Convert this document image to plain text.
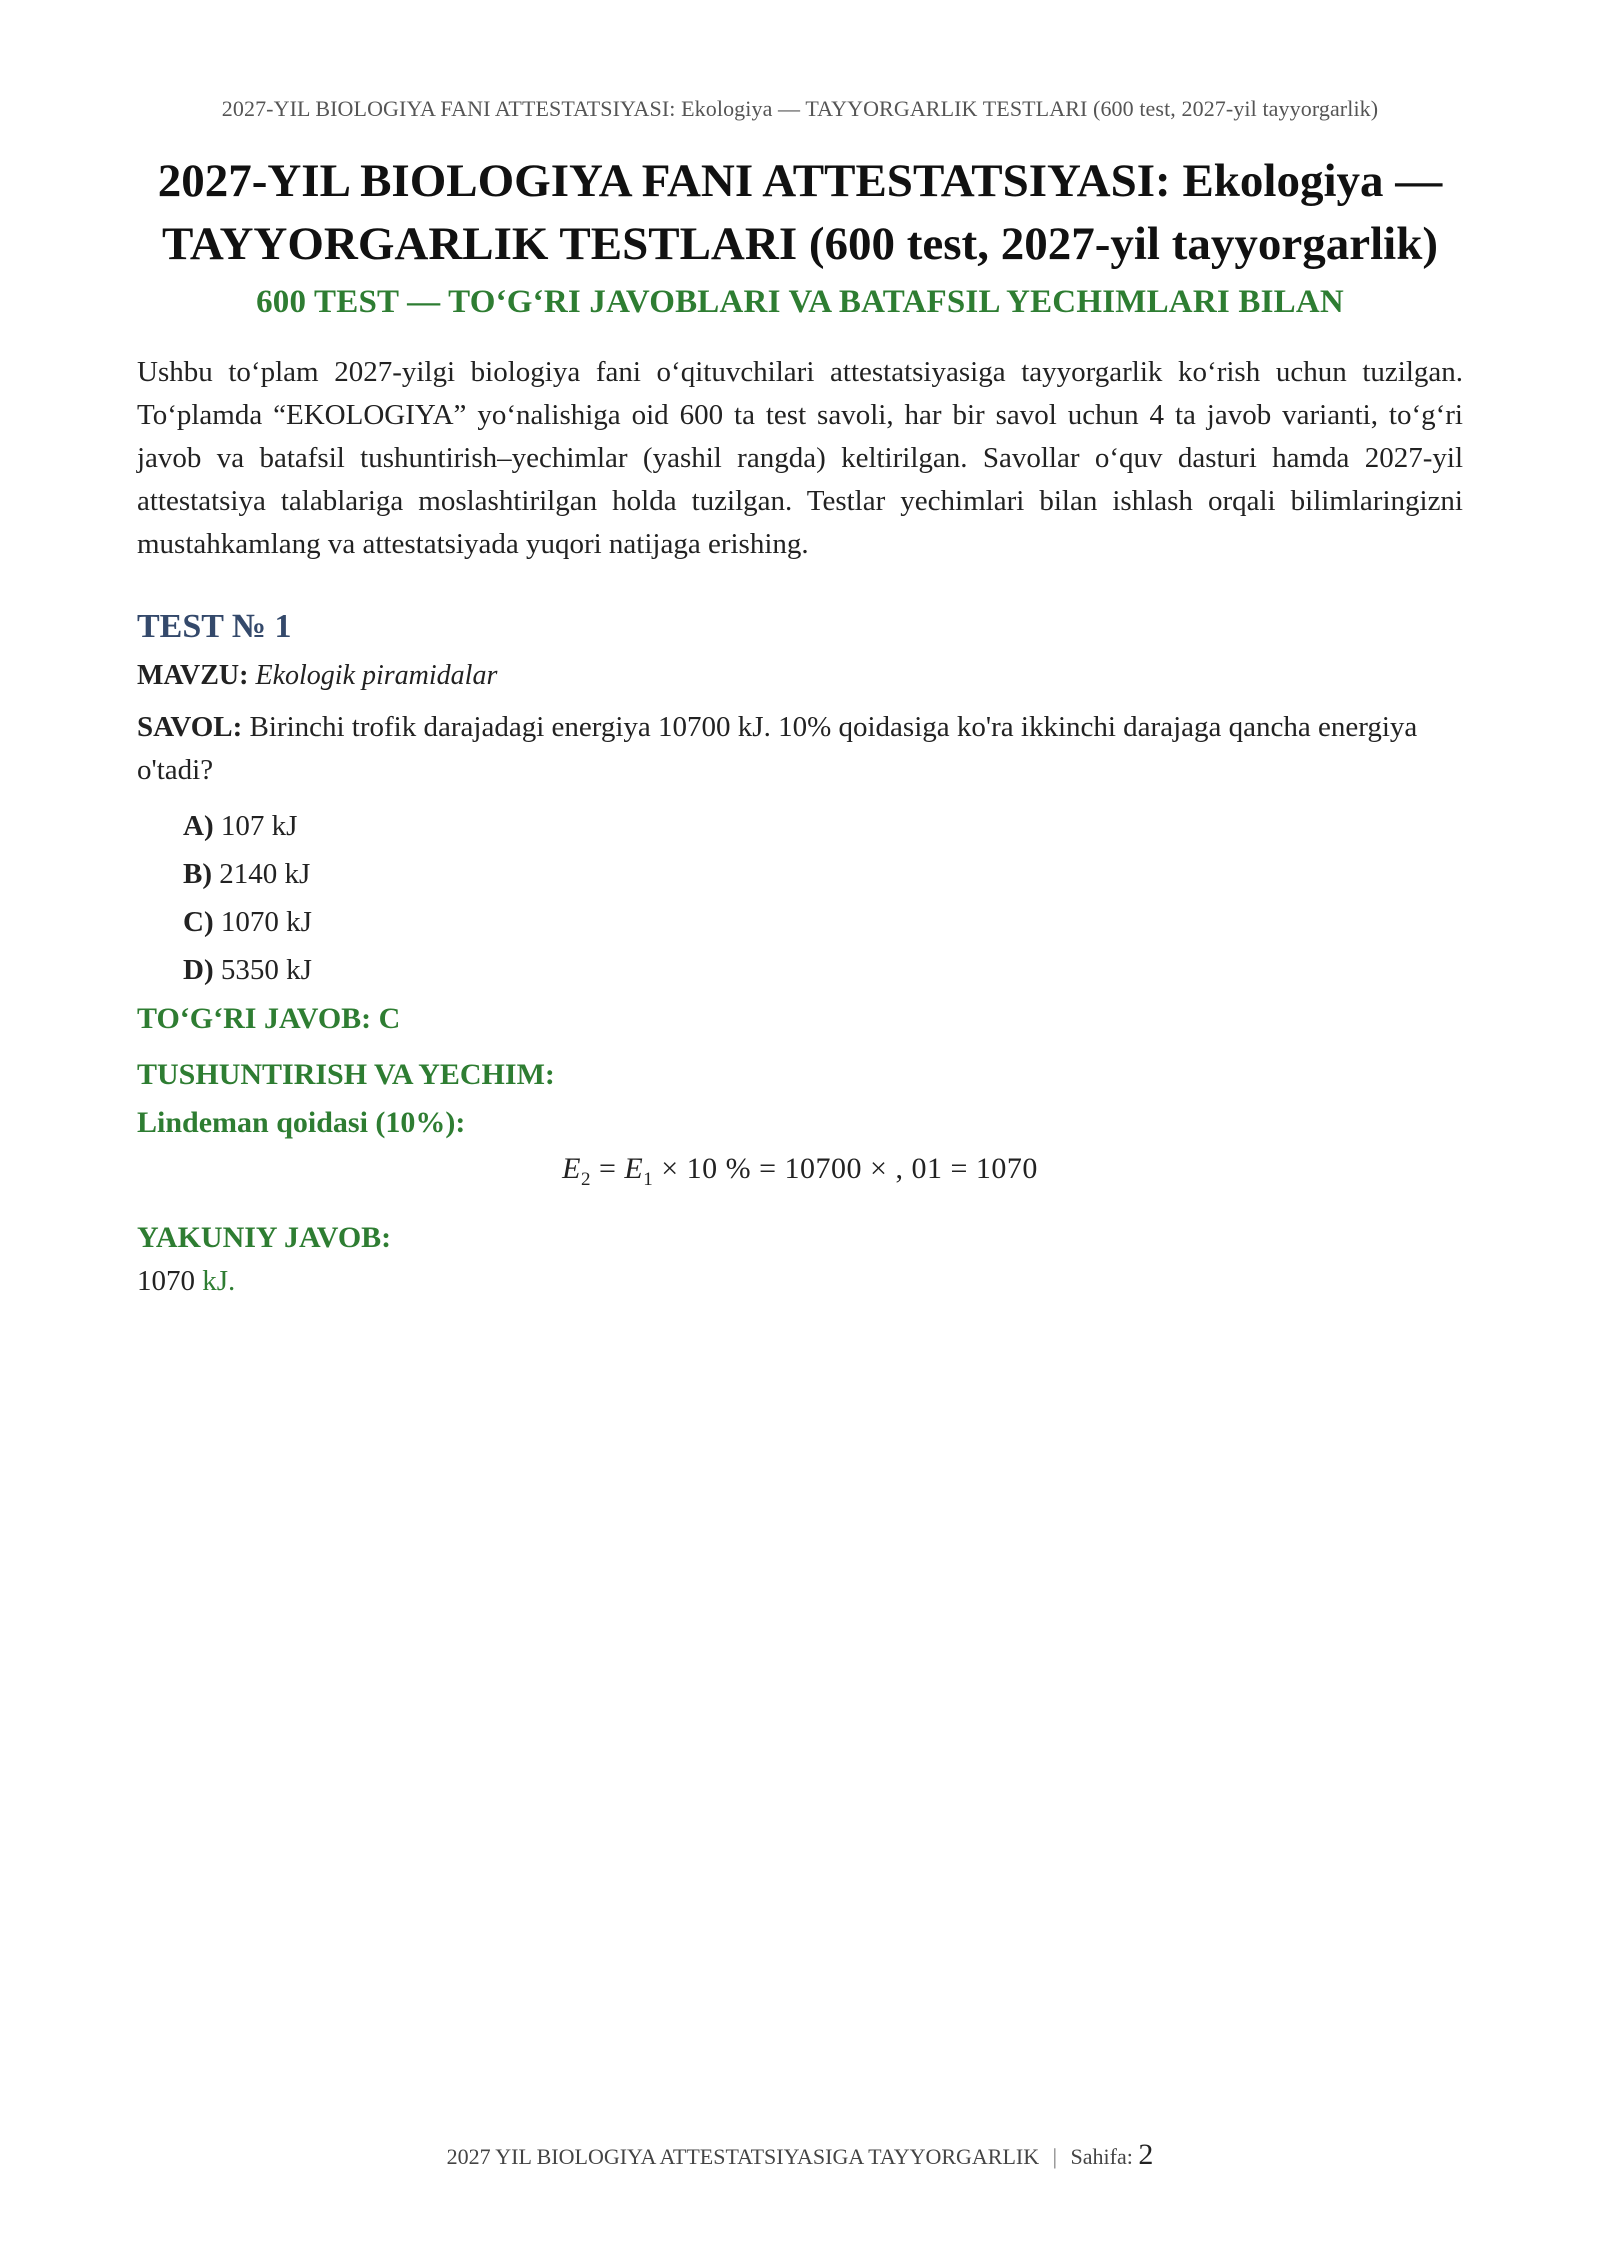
2027-YIL BIOLOGIYA FANI ATTESTATSIYASI: Ekologiya — TAYYORGARLIK TESTLARI (600 test, 2027-yil tayyorgarlik)
2027-YIL BIOLOGIYA FANI ATTESTATSIYASI: Ekologiya — TAYYORGARLIK TESTLARI (600 test, 2027-yil tayyorgarlik)
600 TEST — TO‘G‘RI JAVOBLARI VA BATAFSIL YECHIMLARI BILAN

Ushbu to‘plam 2027-yilgi biologiya fani o‘qituvchilari attestatsiyasiga tayyorgarlik ko‘rish uchun tuzilgan. To‘plamda “EKOLOGIYA” yo‘nalishiga oid 600 ta test savoli, har bir savol uchun 4 ta javob varianti, to‘g‘ri javob va batafsil tushuntirish–yechimlar (yashil rangda) keltirilgan. Savollar o‘quv dasturi hamda 2027-yil attestatsiya talablariga moslashtirilgan holda tuzilgan. Testlar yechimlari bilan ishlash orqali bilimlaringizni mustahkamlang va attestatsiyada yuqori natijaga erishing.

TEST № 1
MAVZU: Ekologik piramidalar
SAVOL: Birinchi trofik darajadagi energiya 10700 kJ. 10% qoidasiga ko'ra ikkinchi darajaga qancha energiya o'tadi?
A) 107 kJ
B) 2140 kJ
C) 1070 kJ
D) 5350 kJ
TO‘G‘RI JAVOB: C
TUSHUNTIRISH VA YECHIM:
Lindeman qoidasi (10%):
$E_2 = E_1 \times 10$ % = 10700 × , 01 = 1070
YAKUNIY JAVOB:
1070 kJ.
2027 YIL BIOLOGIYA ATTESTATSIYASIGA TAYYORGARLIK | Sahifa: 2
